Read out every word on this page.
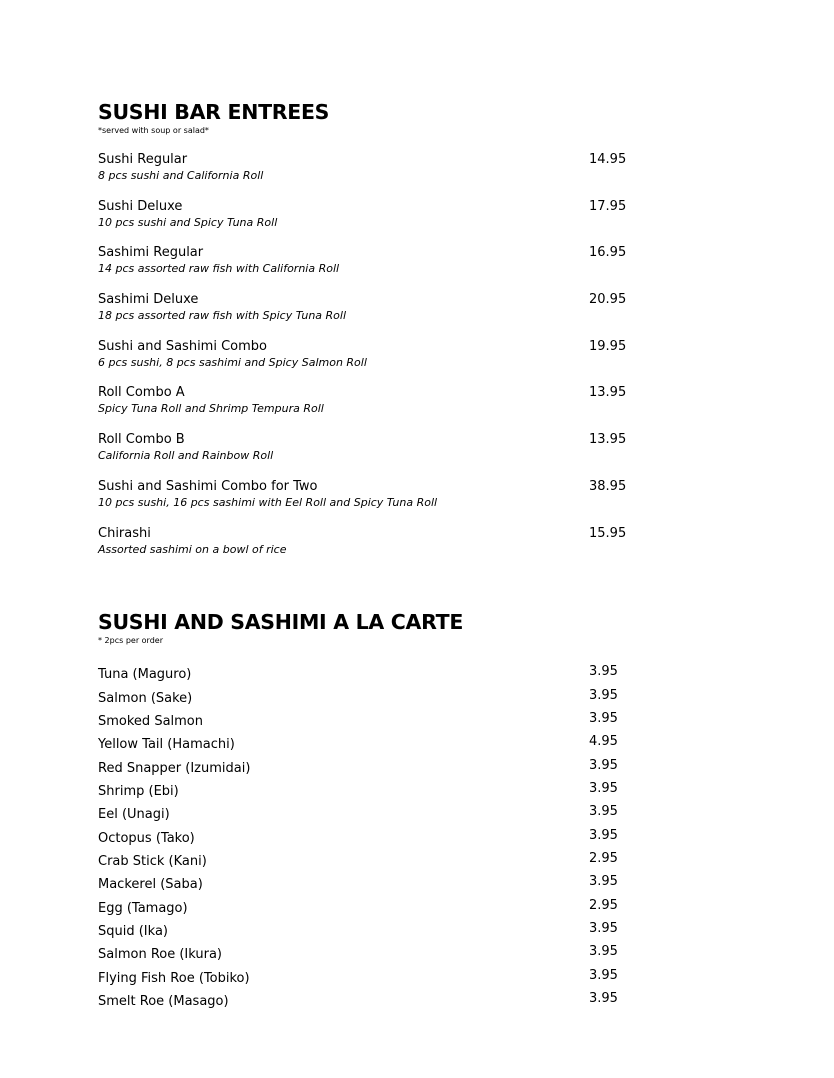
SUSHI BAR ENTREES

*served with soup or salad*

Sushi Regular
8 pcs sushi and California Roll
14.95
Sushi Deluxe
10 pcs sushi and Spicy Tuna Roll
17.95
Sashimi Regular
14 pcs assorted raw fish with California Roll
16.95
Sashimi Deluxe
18 pcs assorted raw fish with Spicy Tuna Roll
20.95
Sushi and Sashimi Combo
6 pcs sushi, 8 pcs sashimi and Spicy Salmon Roll
19.95
Roll Combo A
Spicy Tuna Roll and Shrimp Tempura Roll
13.95
Roll Combo B
California Roll and Rainbow Roll
13.95
Sushi and Sashimi Combo for Two
10 pcs sushi, 16 pcs sashimi with Eel Roll and Spicy Tuna Roll
38.95
Chirashi
Assorted sashimi on a bowl of rice
15.95
SUSHI AND SASHIMI A LA CARTE

* 2pcs per order

Tuna (Maguro)	3.95
Salmon (Sake)	3.95
Smoked Salmon	3.95
Yellow Tail (Hamachi)	4.95
Red Snapper (Izumidai)	3.95
Shrimp (Ebi)	3.95
Eel (Unagi)	3.95
Octopus (Tako)	3.95
Crab Stick (Kani)	2.95
Mackerel (Saba)	3.95
Egg (Tamago)	2.95
Squid (Ika)	3.95
Salmon Roe (Ikura)	3.95
Flying Fish Roe (Tobiko)	3.95
Smelt Roe (Masago)	3.95
